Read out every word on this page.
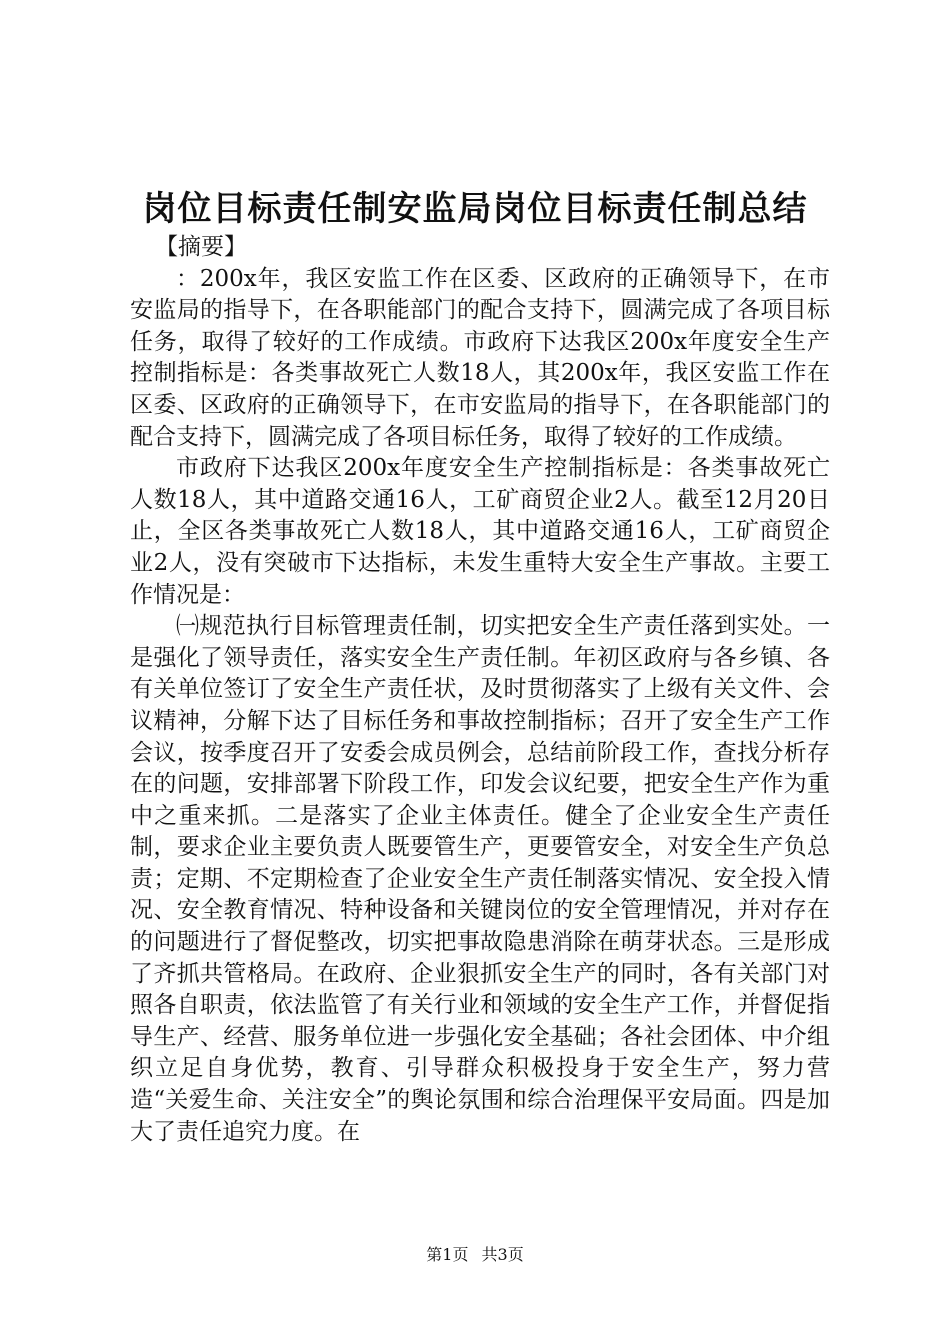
岗位目标责任制安监局岗位目标责任制总结

【摘要】

：200x年，我区安监工作在区委、区政府的正确领导下，在市安监局的指导下，在各职能部门的配合支持下，圆满完成了各项目标任务，取得了较好的工作成绩。市政府下达我区200x年度安全生产控制指标是：各类事故死亡人数18人，其200x年，我区安监工作在区委、区政府的正确领导下，在市安监局的指导下，在各职能部门的配合支持下，圆满完成了各项目标任务，取得了较好的工作成绩。

市政府下达我区200x年度安全生产控制指标是：各类事故死亡人数18人，其中道路交通16人，工矿商贸企业2人。截至12月20日止，全区各类事故死亡人数18人，其中道路交通16人，工矿商贸企业2人，没有突破市下达指标，未发生重特大安全生产事故。主要工作情况是：

㈠规范执行目标管理责任制，切实把安全生产责任落到实处。一是强化了领导责任，落实安全生产责任制。年初区政府与各乡镇、各有关单位签订了安全生产责任状，及时贯彻落实了上级有关文件、会议精神，分解下达了目标任务和事故控制指标；召开了安全生产工作会议，按季度召开了安委会成员例会，总结前阶段工作，查找分析存在的问题，安排部署下阶段工作，印发会议纪要，把安全生产作为重中之重来抓。二是落实了企业主体责任。健全了企业安全生产责任制，要求企业主要负责人既要管生产，更要管安全，对安全生产负总责；定期、不定期检查了企业安全生产责任制落实情况、安全投入情况、安全教育情况、特种设备和关键岗位的安全管理情况，并对存在的问题进行了督促整改，切实把事故隐患消除在萌芽状态。三是形成了齐抓共管格局。在政府、企业狠抓安全生产的同时，各有关部门对照各自职责，依法监管了有关行业和领域的安全生产工作，并督促指导生产、经营、服务单位进一步强化安全基础；各社会团体、中介组织立足自身优势，教育、引导群众积极投身于安全生产，努力营造“关爱生命、关注安全”的舆论氛围和综合治理保平安局面。四是加大了责任追究力度。在

第1页 共3页
